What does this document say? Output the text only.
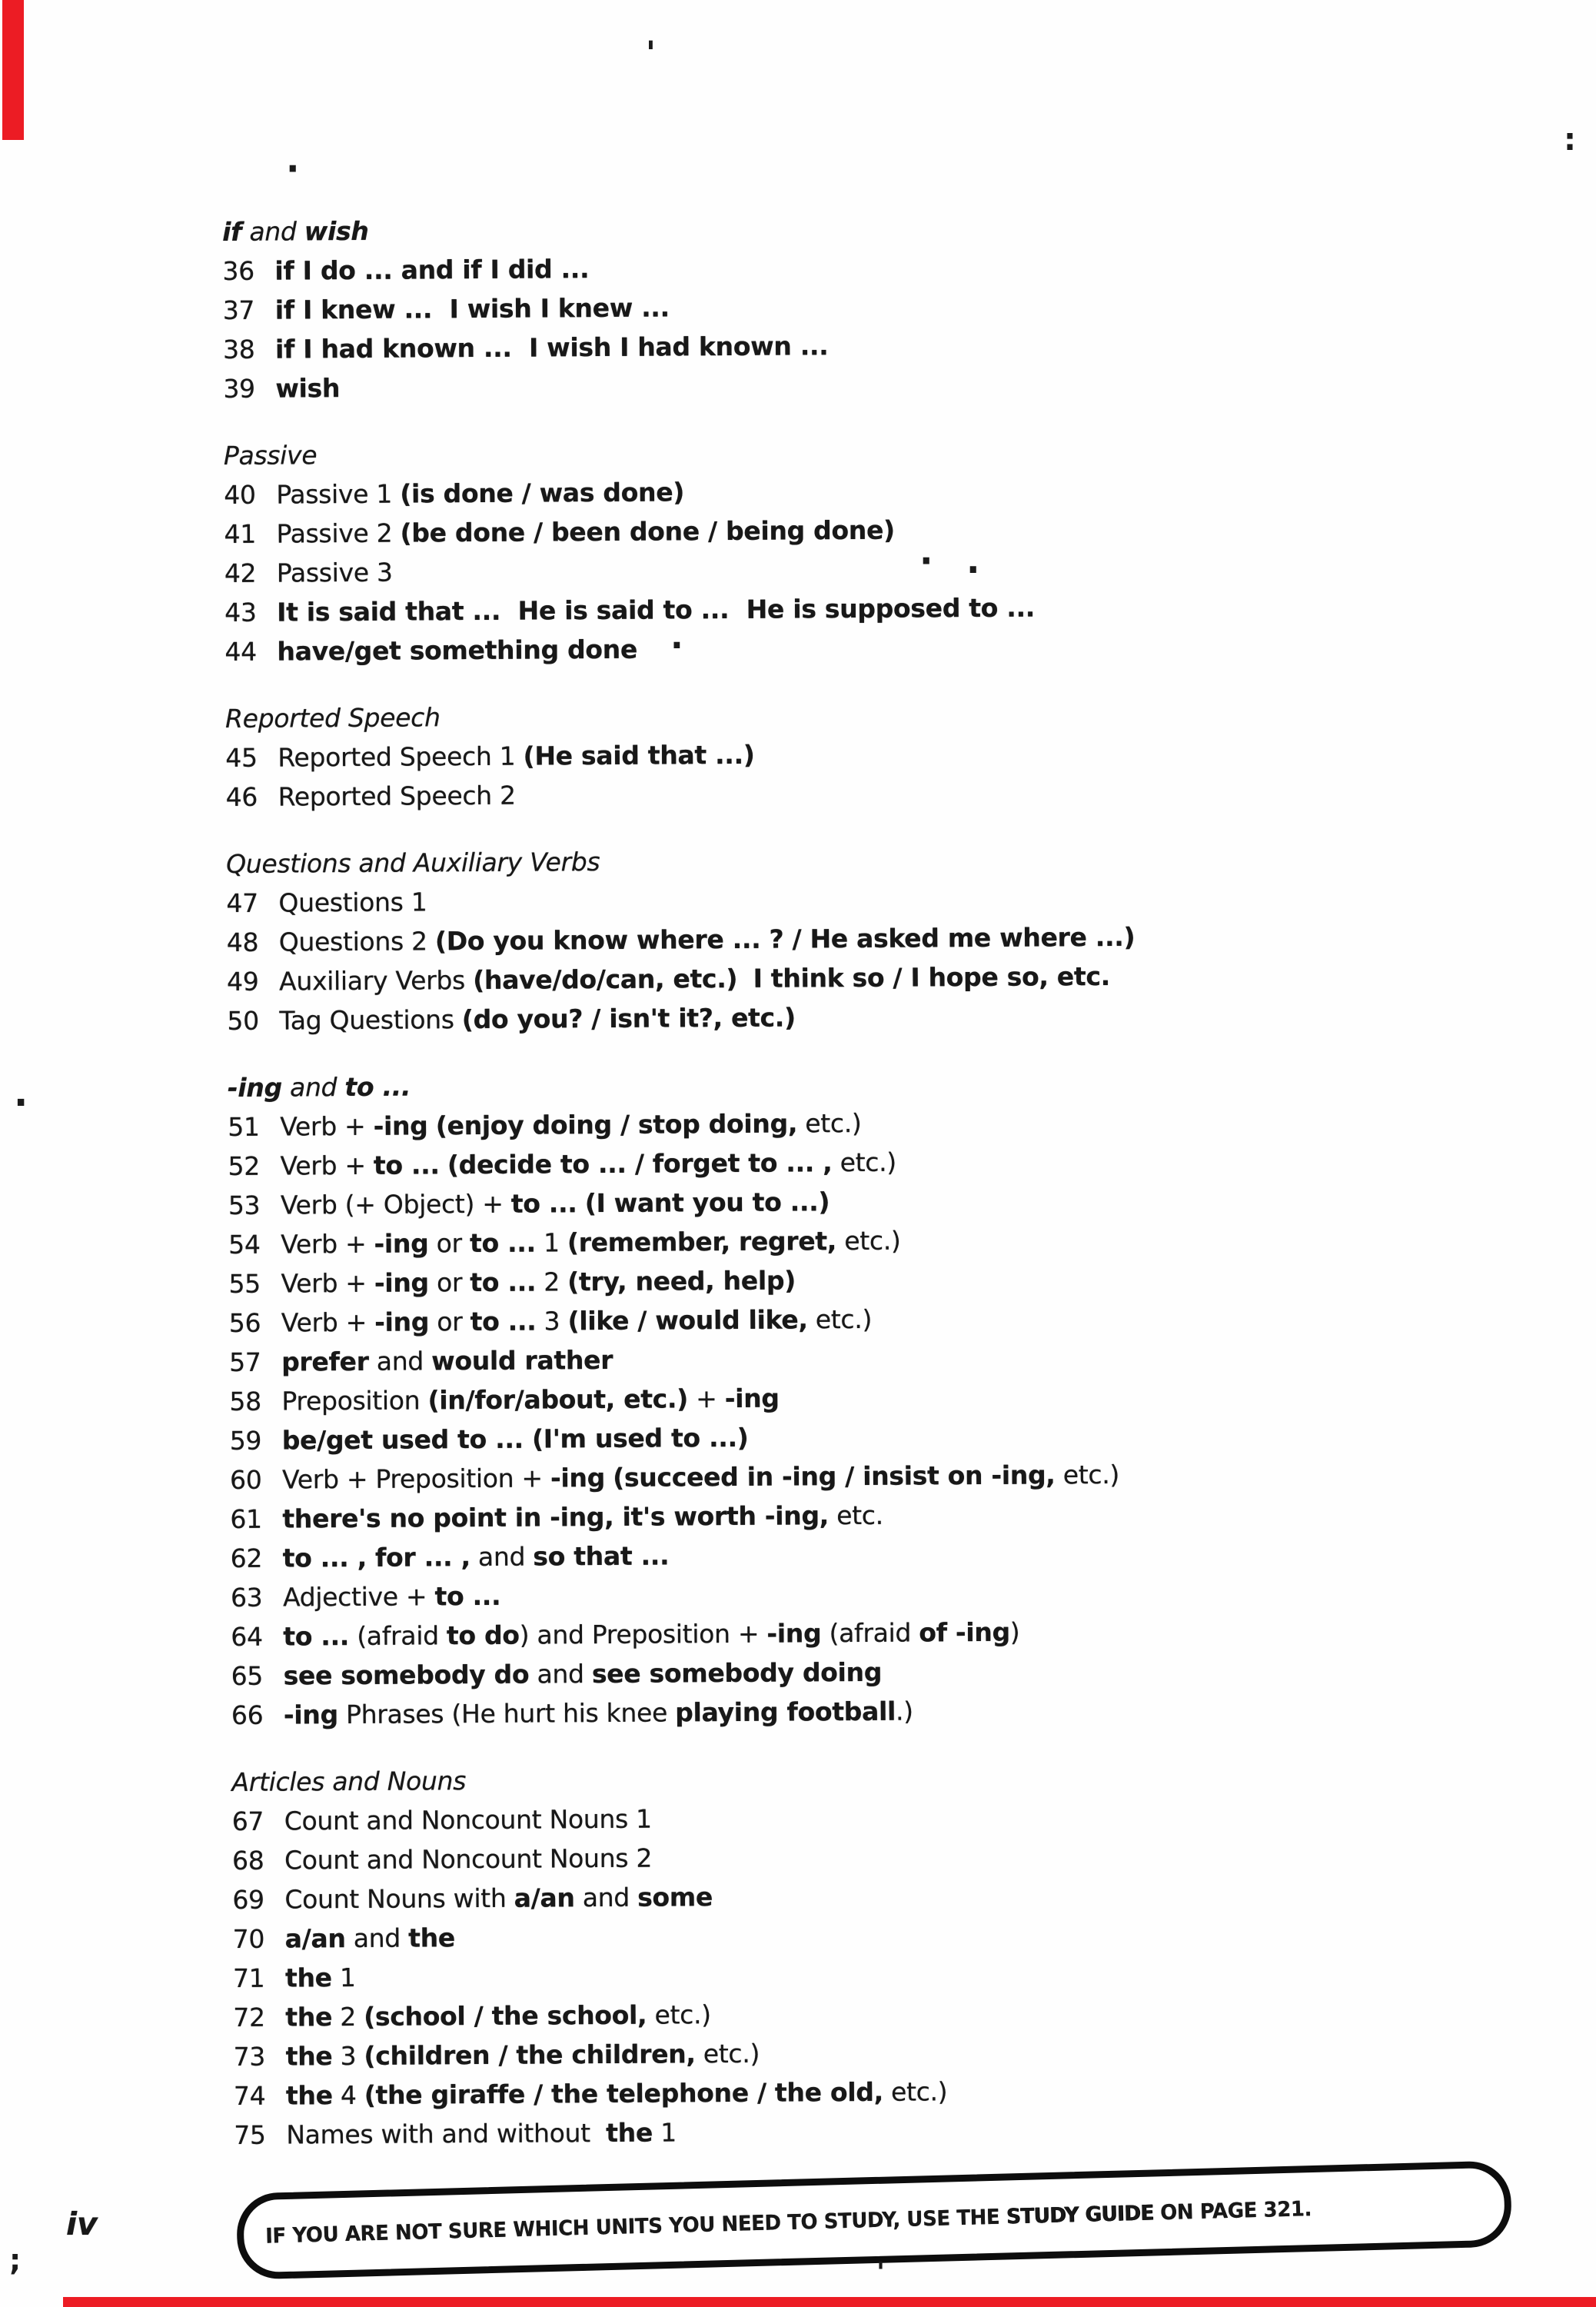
if and wish
36 if I do ... and if I did ...
37 if I knew ...  I wish I knew ...
38 if I had known ...  I wish I had known ...
39 wish
Passive
40 Passive 1 (is done / was done)
41 Passive 2 (be done / been done / being done)
42 Passive 3
43 It is said that ...  He is said to ...  He is supposed to ...
44 have/get something done
Reported Speech
45 Reported Speech 1 (He said that ...)
46 Reported Speech 2
Questions and Auxiliary Verbs
47 Questions 1
48 Questions 2 (Do you know where ... ? / He asked me where ...)
49 Auxiliary Verbs (have/do/can, etc.) I think so / I hope so, etc.
50 Tag Questions (do you? / isn't it?, etc.)
-ing and to ...
51 Verb + -ing (enjoy doing / stop doing, etc.)
52 Verb + to ... (decide to ... / forget to ... , etc.)
53 Verb (+ Object) + to ... (I want you to ...)
54 Verb + -ing or to ... 1 (remember, regret, etc.)
55 Verb + -ing or to ... 2 (try, need, help)
56 Verb + -ing or to ... 3 (like / would like, etc.)
57 prefer and would rather
58 Preposition (in/for/about, etc.) + -ing
59 be/get used to ... (I'm used to ...)
60 Verb + Preposition + -ing (succeed in -ing / insist on -ing, etc.)
61 there's no point in -ing, it's worth -ing, etc.
62 to ... , for ... , and so that ...
63 Adjective + to ...
64 to ... (afraid to do) and Preposition + -ing (afraid of -ing)
65 see somebody do and see somebody doing
66 -ing Phrases (He hurt his knee playing football.)
Articles and Nouns
67 Count and Noncount Nouns 1
68 Count and Noncount Nouns 2
69 Count Nouns with a/an and some
70 a/an and the
71 the 1
72 the 2 (school / the school, etc.)
73 the 3 (children / the children, etc.)
74 the 4 (the giraffe / the telephone / the old, etc.)
75 Names with and without  the 1
iv	IF YOU ARE NOT SURE WHICH UNITS YOU NEED TO STUDY, USE THE STUDY GUIDE ON PAGE 321.

·
'
:
· .
·
.
;	'
